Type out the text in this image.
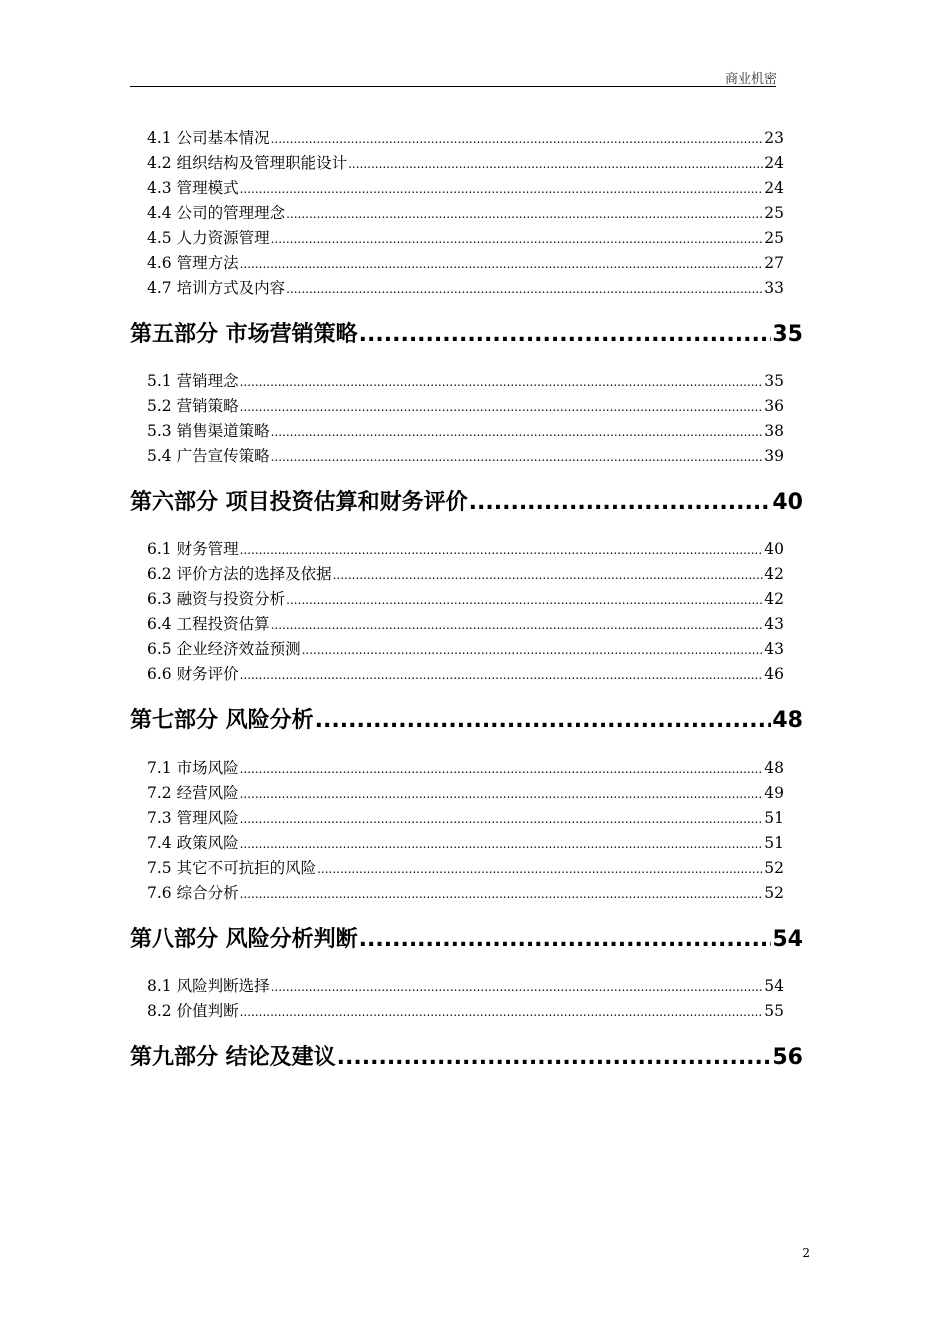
商业机密
4.1 公司基本情况 .....	23
4.2 组织结构及管理职能设计 .....	24
4.3 管理模式 .....	24
4.4 公司的管理理念 .....	25
4.5 人力资源管理 .....	25
4.6 管理方法 .....	27
4.7 培训方式及内容 .....	33
第五部分 市场营销策略 .....	35
5.1 营销理念 .....	35
5.2 营销策略 .....	36
5.3 销售渠道策略 .....	38
5.4 广告宣传策略 .....	39
第六部分 项目投资估算和财务评价 .....	40
6.1 财务管理 .....	40
6.2 评价方法的选择及依据 .....	42
6.3 融资与投资分析 .....	42
6.4 工程投资估算 .....	43
6.5 企业经济效益预测 .....	43
6.6 财务评价 .....	46
第七部分 风险分析 .....	48
7.1 市场风险 .....	48
7.2 经营风险 .....	49
7.3 管理风险 .....	51
7.4 政策风险 .....	51
7.5 其它不可抗拒的风险 .....	52
7.6 综合分析 .....	52
第八部分 风险分析判断 .....	54
8.1 风险判断选择 .....	54
8.2 价值判断 .....	55
第九部分 结论及建议 .....	56
2
